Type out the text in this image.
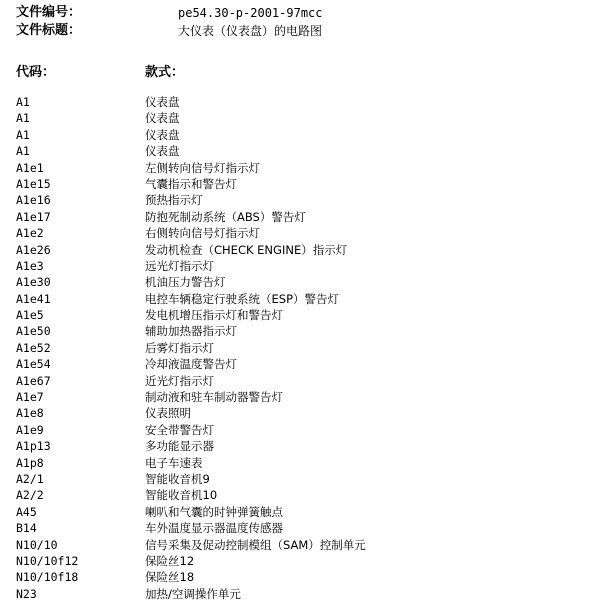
文件编号：	pe54.30-p-2001-97mcc
文件标题：	大仪表（仪表盘）的电路图
代码：	款式：
A1	仪表盘
A1	仪表盘
A1	仪表盘
A1	仪表盘
A1e1	左侧转向信号灯指示灯
A1e15	气囊指示和警告灯
A1e16	预热指示灯
A1e17	防抱死制动系统（ABS）警告灯
A1e2	右侧转向信号灯指示灯
A1e26	发动机检查（CHECK ENGINE）指示灯
A1e3	远光灯指示灯
A1e30	机油压力警告灯
A1e41	电控车辆稳定行驶系统（ESP）警告灯
A1e5	发电机增压指示灯和警告灯
A1e50	辅助加热器指示灯
A1e52	后雾灯指示灯
A1e54	冷却液温度警告灯
A1e67	近光灯指示灯
A1e7	制动液和驻车制动器警告灯
A1e8	仪表照明
A1e9	安全带警告灯
A1p13	多功能显示器
A1p8	电子车速表
A2/1	智能收音机9
A2/2	智能收音机10
A45	喇叭和气囊的时钟弹簧触点
B14	车外温度显示器温度传感器
N10/10	信号采集及促动控制模组（SAM）控制单元
N10/10f12	保险丝12
N10/10f18	保险丝18
N23	加热/空调操作单元
